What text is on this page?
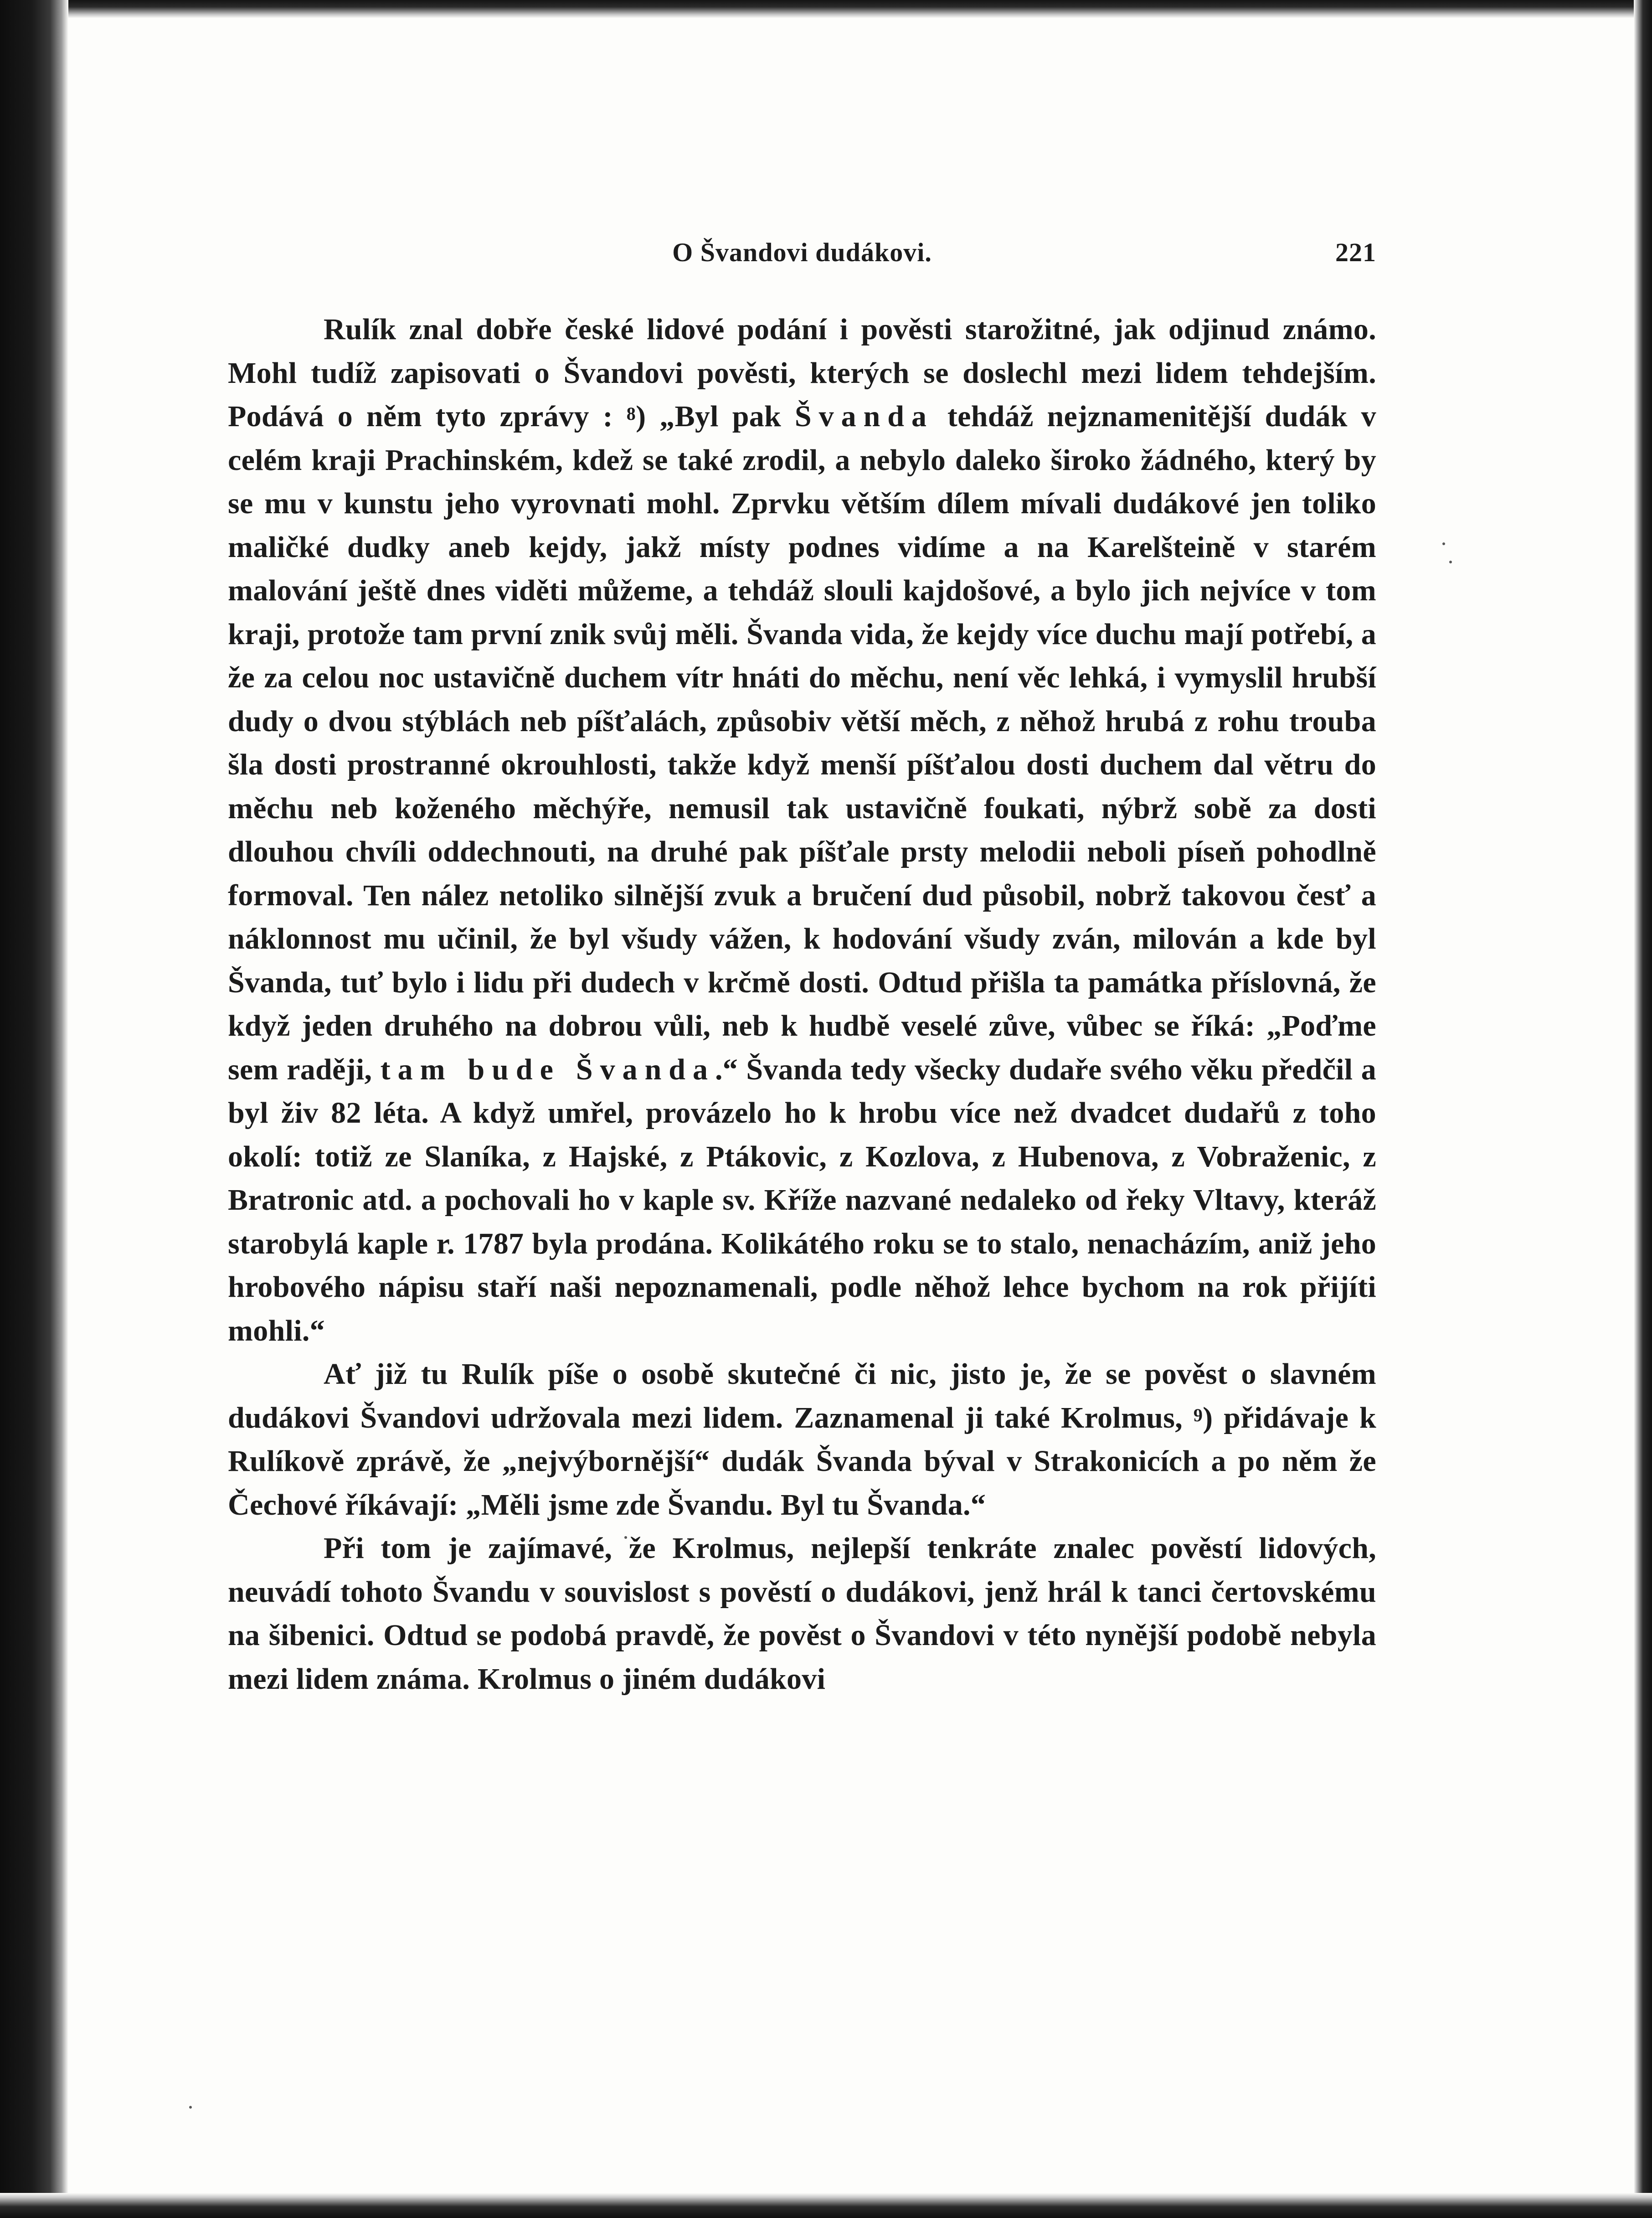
O Švandovi dudákovi.	221

Rulík znal dobře české lidové podání i pověsti starožitné, jak odjinud známo. Mohl tudíž zapisovati o Švandovi pověsti, kterých se doslechl mezi lidem tehdejším. Podává o něm tyto zprávy : $^8$) „Byl pak Švanda tehdáž nejznamenitější dudák v celém kraji Prachinském, kdež se také zrodil, a nebylo daleko široko žádného, který by se mu v kunstu jeho vyrovnati mohl. Zprvku větším dílem mívali dudákové jen toliko maličké dudky aneb kejdy, jakž místy podnes vidíme a na Karelšteině v starém malování ještě dnes viděti můžeme, a tehdáž slouli kajdošové, a bylo jich nejvíce v tom kraji, protože tam první znik svůj měli. Švanda vida, že kejdy více duchu mají potřebí, a že za celou noc ustavičně duchem vítr hnáti do měchu, není věc lehká, i vymyslil hrubší dudy o dvou stýblách neb píšťalách, způsobiv větší měch, z něhož hrubá z rohu trouba šla dosti prostranné okrouhlosti, takže když menší píšťalou dosti duchem dal větru do měchu neb koženého měchýře, nemusil tak ustavičně foukati, nýbrž sobě za dosti dlouhou chvíli oddechnouti, na druhé pak píšťale prsty melodii neboli píseň pohodlně formoval. Ten nález netoliko silnější zvuk a bručení dud působil, nobrž takovou česť a náklonnost mu učinil, že byl všudy vážen, k hodování všudy zván, milován a kde byl Švanda, tuť bylo i lidu při dudech v krčmě dosti. Odtud přišla ta památka příslovná, že když jeden druhého na dobrou vůli, neb k hudbě veselé zůve, vůbec se říká: „Poďme sem raději, tam bude Švanda.“ Švanda tedy všecky dudaře svého věku předčil a byl živ 82 léta. A když umřel, provázelo ho k hrobu více než dvadcet dudařů z toho okolí: totiž ze Slaníka, z Hajské, z Ptákovic, z Kozlova, z Hubenova, z Vobraženic, z Bratronic atd. a pochovali ho v kaple sv. Kříže nazvané nedaleko od řeky Vltavy, kteráž starobylá kaple r. 1787 byla prodána. Kolikátého roku se to stalo, nenacházím, aniž jeho hrobového nápisu staří naši nepoznamenali, podle něhož lehce bychom na rok přijíti mohli.“

Ať již tu Rulík píše o osobě skutečné či nic, jisto je, že se pověst o slavném dudákovi Švandovi udržovala mezi lidem. Zaznamenal ji také Krolmus, $^9$) přidávaje k Rulíkově zprávě, že „nejvýbornější“ dudák Švanda býval v Strakonicích a po něm že Čechové říkávají: „Měli jsme zde Švandu. Byl tu Švanda.“

Při tom je zajímavé, že Krolmus, nejlepší tenkráte znalec pověstí lidových, neuvádí tohoto Švandu v souvislost s pověstí o dudákovi, jenž hrál k tanci čertovskému na šibenici. Odtud se podobá pravdě, že pověst o Švandovi v této nynější podobě nebyla mezi lidem známa. Krolmus o jiném dudákovi
